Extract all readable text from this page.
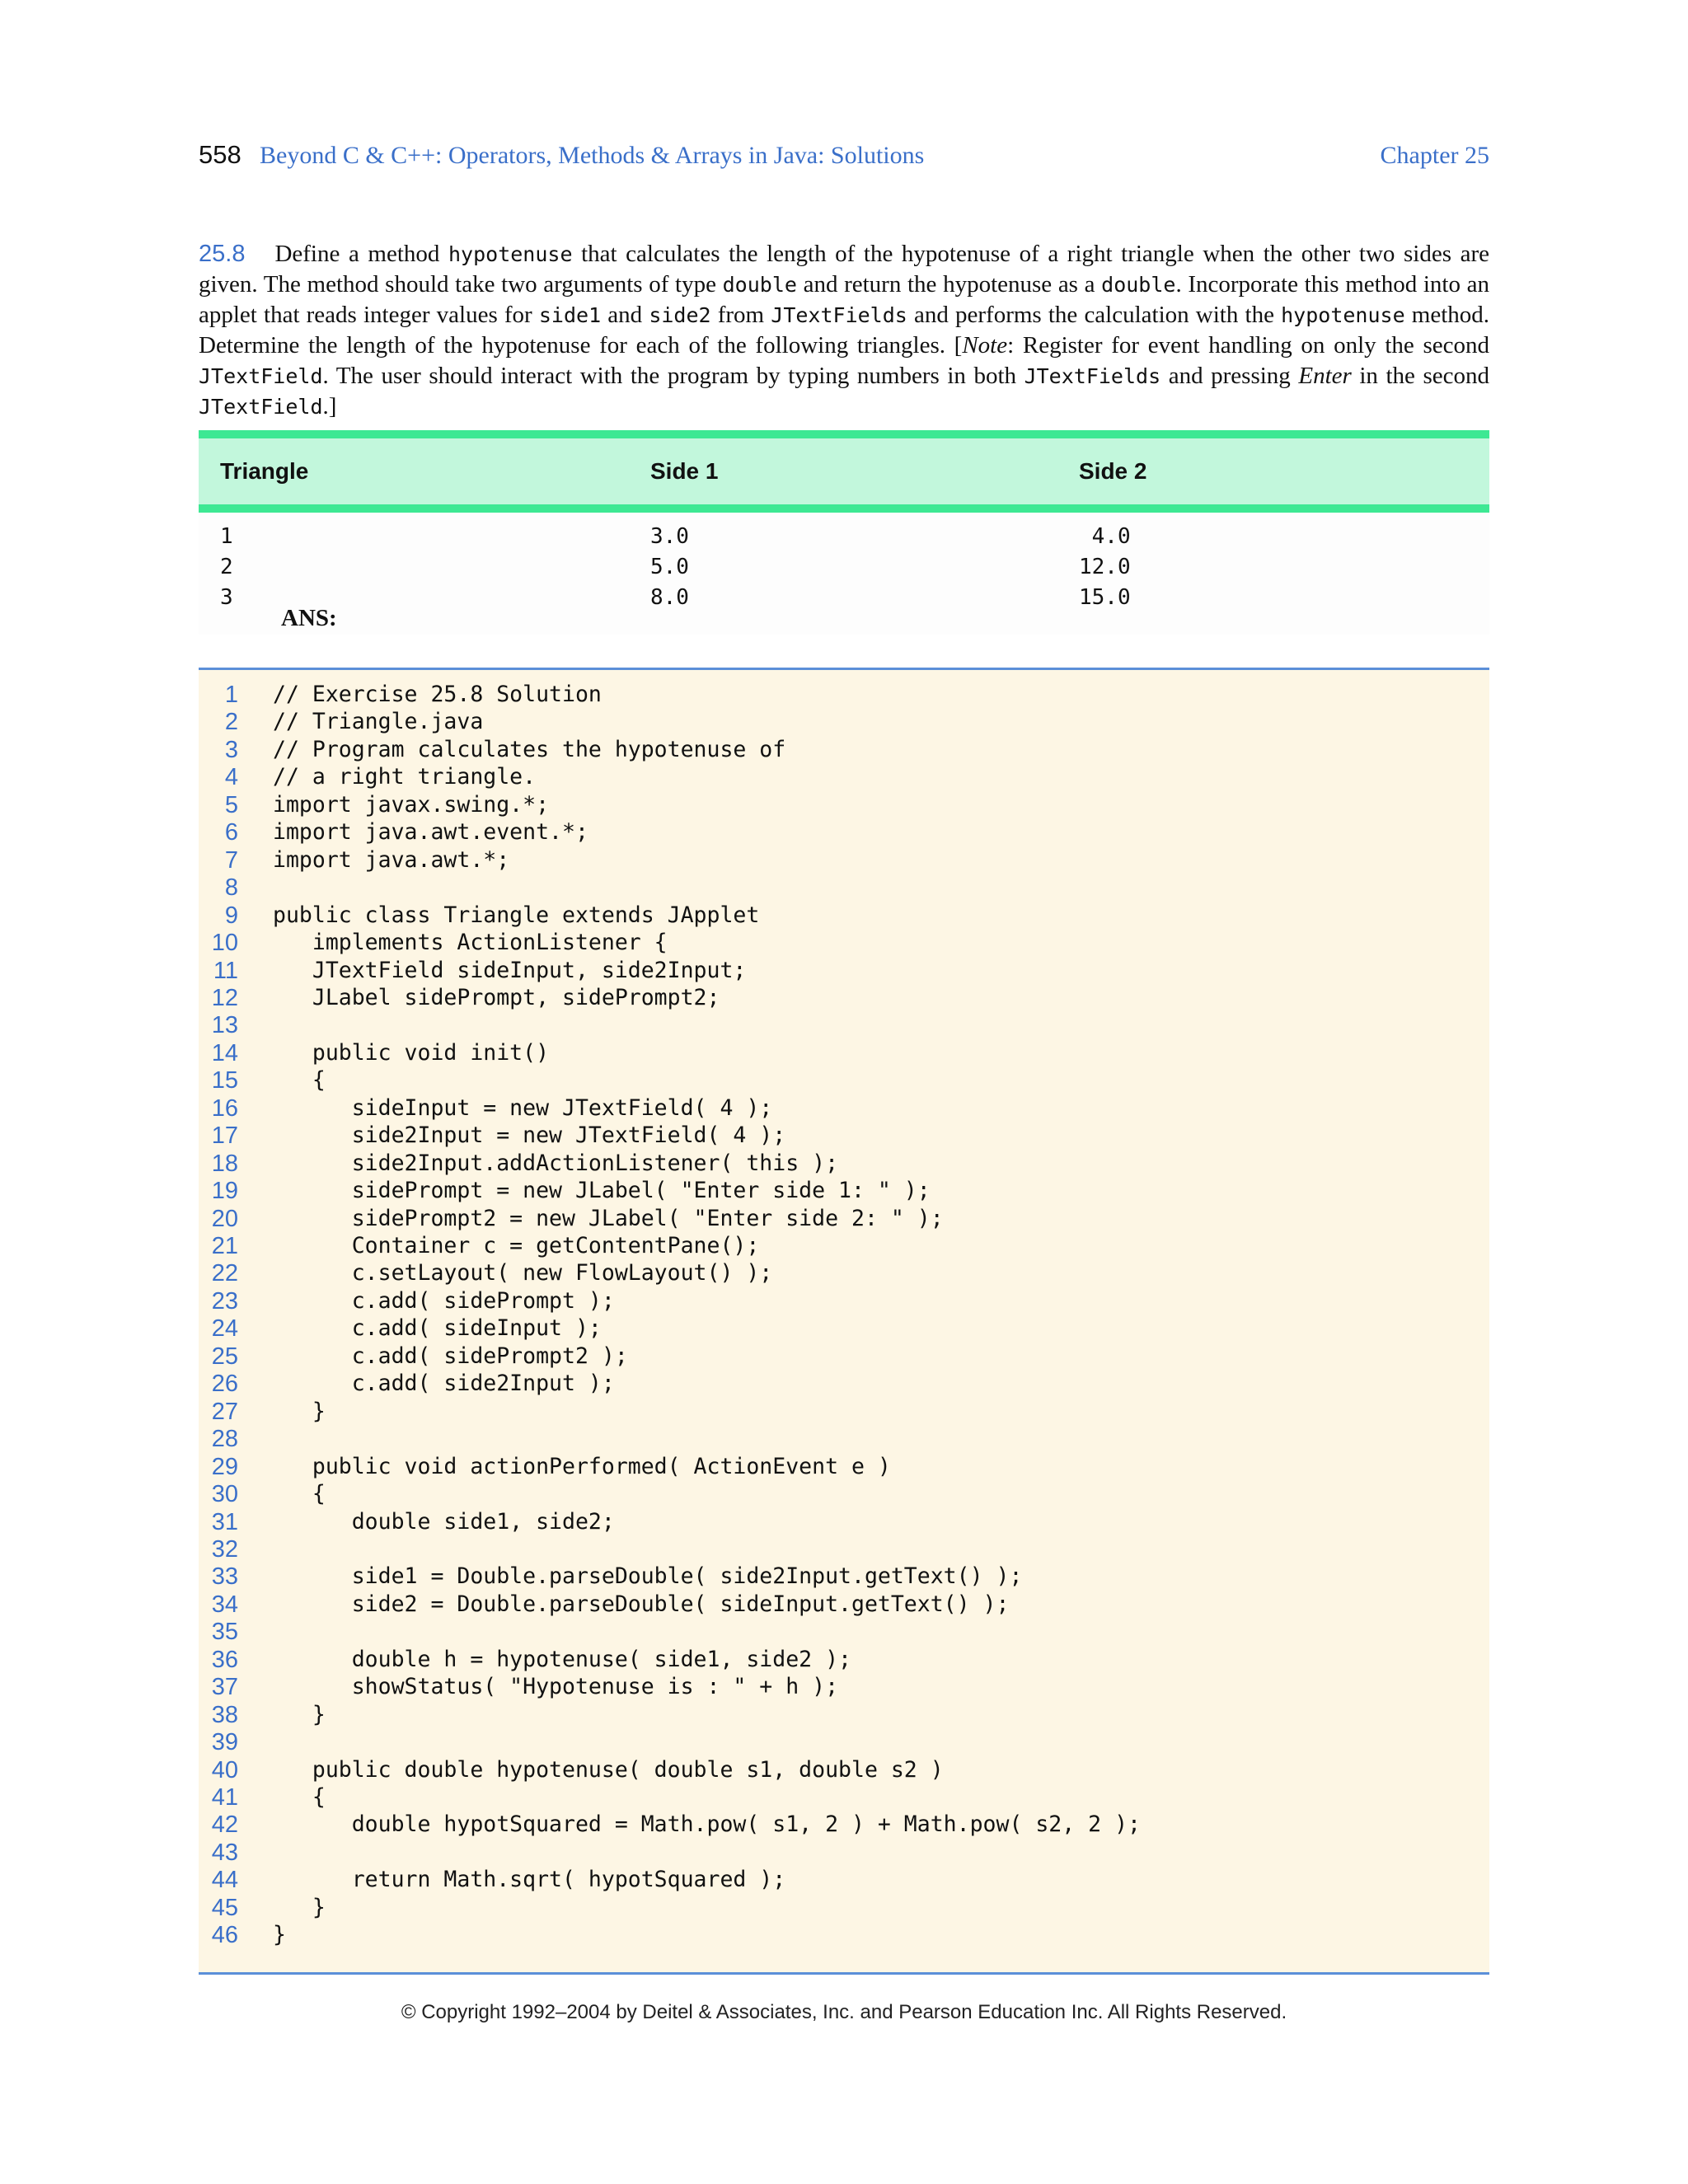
558 Beyond C & C++: Operators, Methods & Arrays in Java: Solutions	Chapter 25
25.8 Define a method hypotenuse that calculates the length of the hypotenuse of a right triangle when the other two sides are given. The method should take two arguments of type double and return the hypotenuse as a double. Incorporate this method into an applet that reads integer values for side1 and side2 from JTextFields and performs the calculation with the hypotenuse method. Determine the length of the hypotenuse for each of the following triangles. [Note: Register for event handling on only the second JTextField. The user should interact with the program by typing numbers in both JTextFields and pressing Enter in the second JTextField.]
Triangle	Side 1	Side 2
1	3.0	4.0
2	5.0	12.0
3	8.0	15.0
ANS:
1 // Exercise 25.8 Solution
2 // Triangle.java
3 // Program calculates the hypotenuse of
4 // a right triangle.
5 import javax.swing.*;
6 import java.awt.event.*;
7 import java.awt.*;
8
9 public class Triangle extends JApplet
10 implements ActionListener {
11 JTextField sideInput, side2Input;
12 JLabel sidePrompt, sidePrompt2;
13
14 public void init()
15 {
16 sideInput = new JTextField( 4 );
17 side2Input = new JTextField( 4 );
18 side2Input.addActionListener( this );
19 sidePrompt = new JLabel( "Enter side 1: " );
20 sidePrompt2 = new JLabel( "Enter side 2: " );
21 Container c = getContentPane();
22 c.setLayout( new FlowLayout() );
23 c.add( sidePrompt );
24 c.add( sideInput );
25 c.add( sidePrompt2 );
26 c.add( side2Input );
27 }
28
29 public void actionPerformed( ActionEvent e )
30 {
31 double side1, side2;
32
33 side1 = Double.parseDouble( side2Input.getText() );
34 side2 = Double.parseDouble( sideInput.getText() );
35
36 double h = hypotenuse( side1, side2 );
37 showStatus( "Hypotenuse is : " + h );
38 }
39
40 public double hypotenuse( double s1, double s2 )
41 {
42 double hypotSquared = Math.pow( s1, 2 ) + Math.pow( s2, 2 );
43
44 return Math.sqrt( hypotSquared );
45 }
46 }
© Copyright 1992–2004 by Deitel & Associates, Inc. and Pearson Education Inc. All Rights Reserved.
